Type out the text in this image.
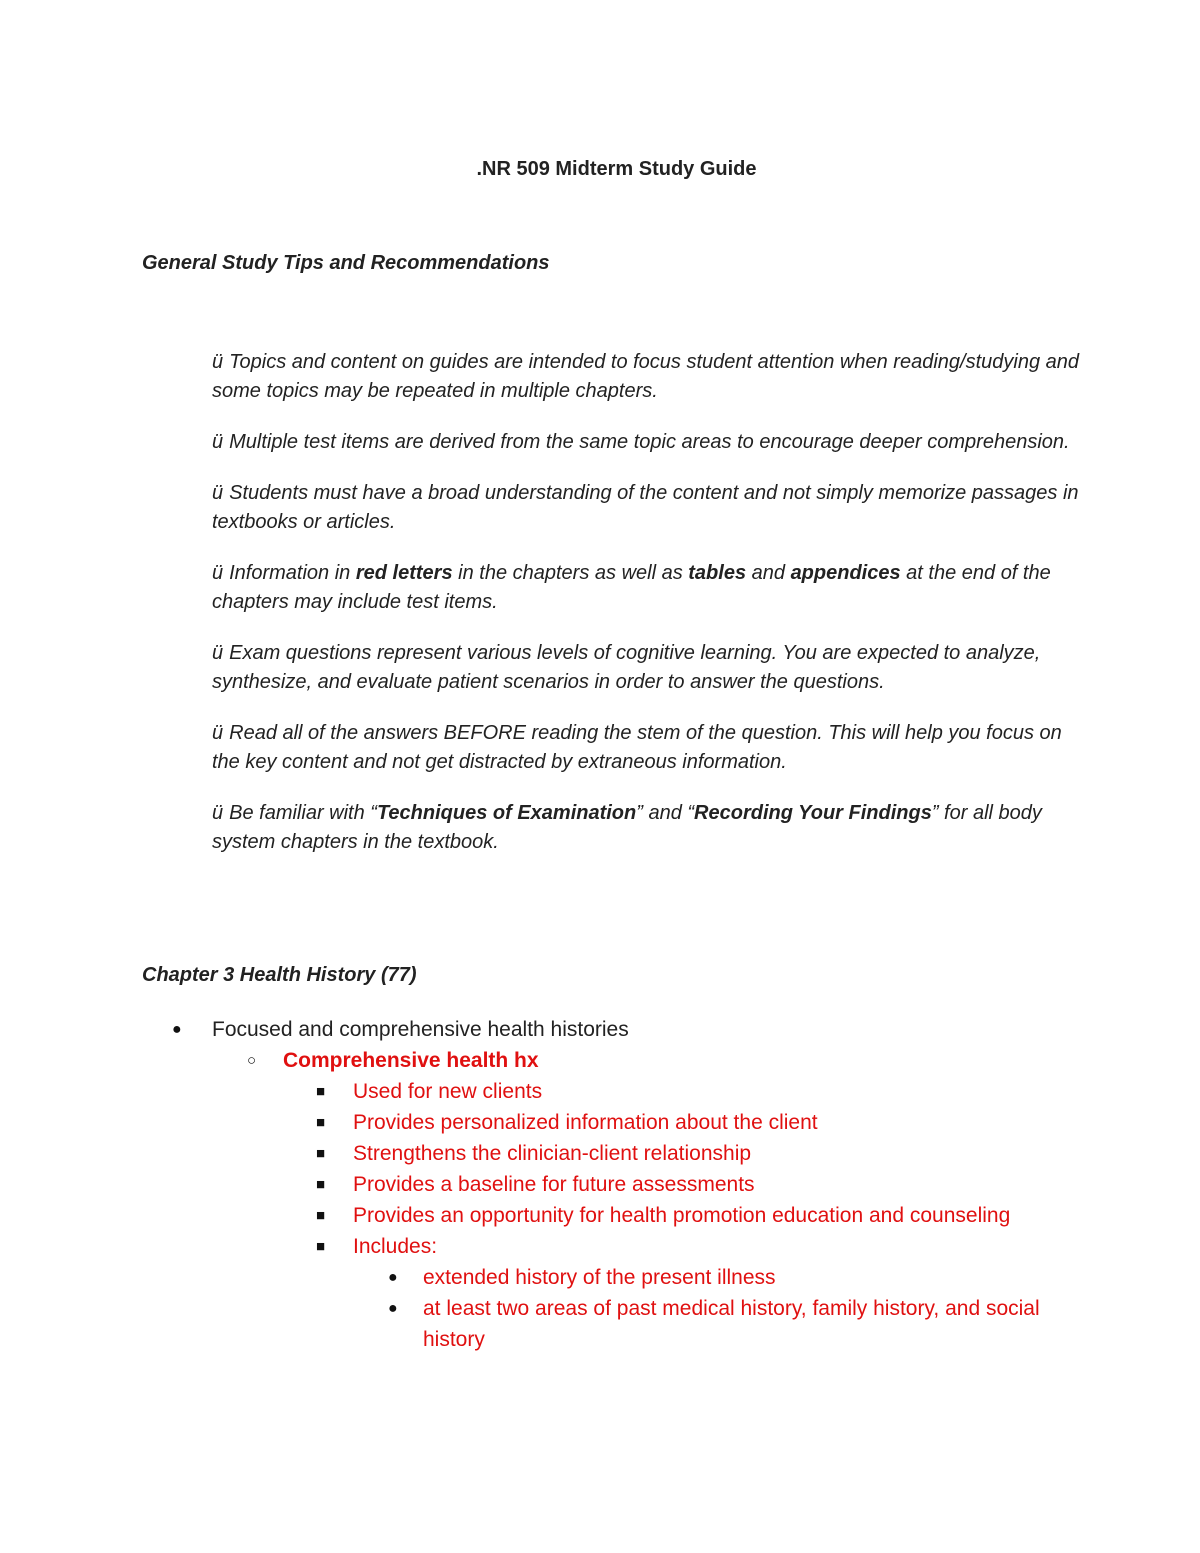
.NR 509 Midterm Study Guide
General Study Tips and Recommendations

ü Topics and content on guides are intended to focus student attention when reading/studying and some topics may be repeated in multiple chapters.

ü Multiple test items are derived from the same topic areas to encourage deeper comprehension.

ü Students must have a broad understanding of the content and not simply memorize passages in textbooks or articles.

ü Information in red letters in the chapters as well as tables and appendices at the end of the chapters may include test items.

ü Exam questions represent various levels of cognitive learning. You are expected to analyze, synthesize, and evaluate patient scenarios in order to answer the questions.

ü Read all of the answers BEFORE reading the stem of the question. This will help you focus on the key content and not get distracted by extraneous information.

ü Be familiar with “Techniques of Examination” and “Recording Your Findings” for all body system chapters in the textbook.

Chapter 3 Health History (77)
● Focused and comprehensive health histories
○ Comprehensive health hx
■ Used for new clients
■ Provides personalized information about the client
■ Strengthens the clinician-client relationship
■ Provides a baseline for future assessments
■ Provides an opportunity for health promotion education and counseling
■ Includes:
● extended history of the present illness
● at least two areas of past medical history, family history, and social history
